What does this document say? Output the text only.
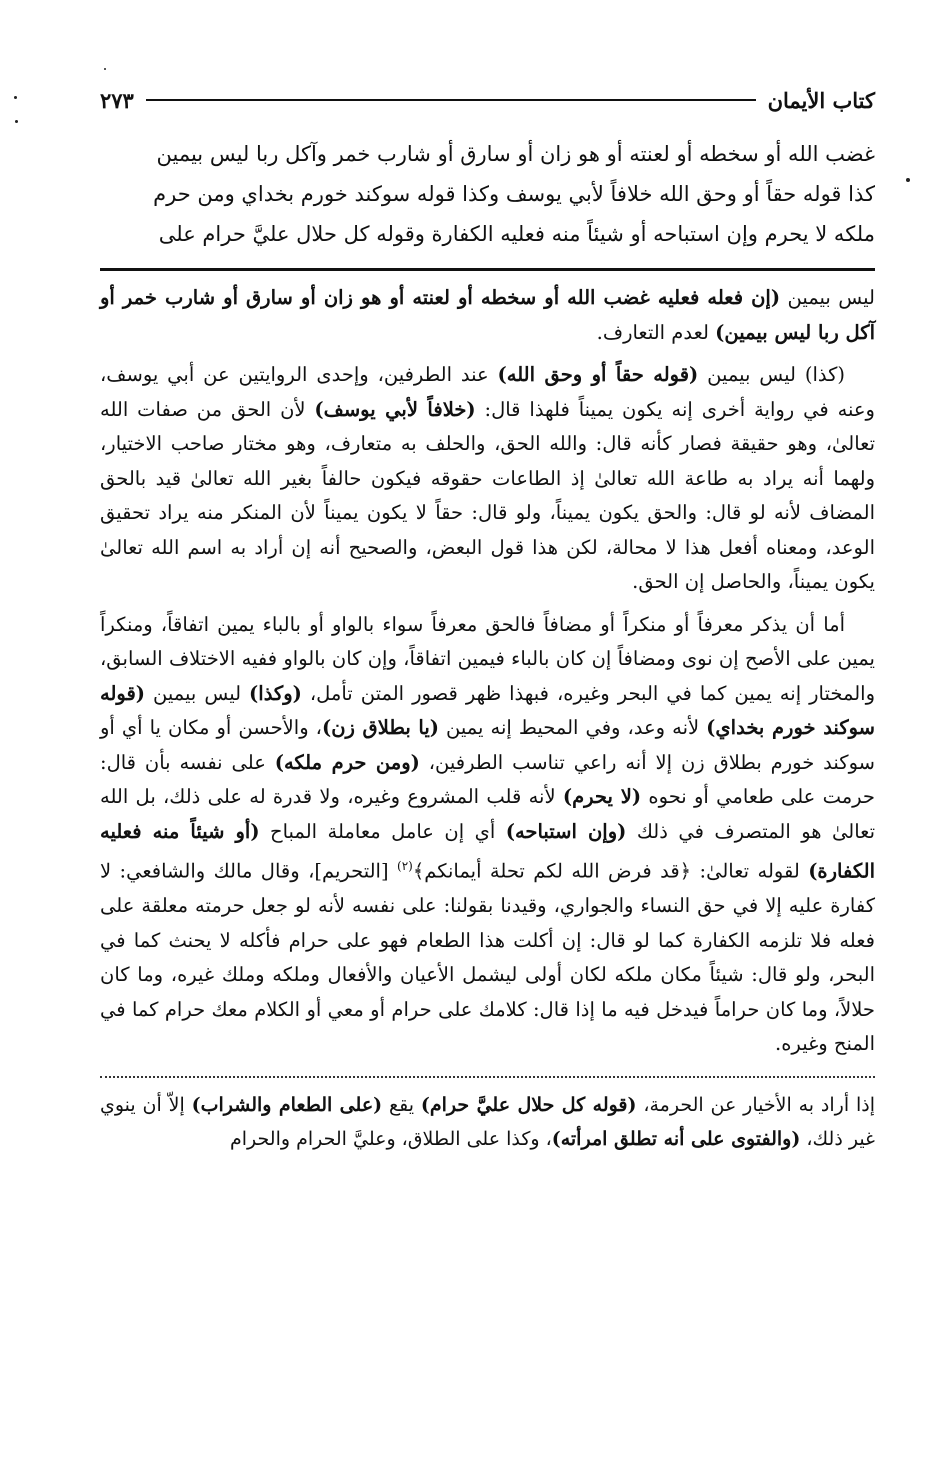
كتاب الأيمان
٢٧٣

غضب الله أو سخطه أو لعنته أو هو زان أو سارق أو شارب خمر وآكل ربا ليس بيمين

كذا قوله حقاً أو وحق الله خلافاً لأبي يوسف وكذا قوله سوكند خورم بخداي ومن حرم

ملكه لا يحرم وإن استباحه أو شيئاً منه فعليه الكفارة وقوله كل حلال عليَّ حرام على

ليس بيمين (إن فعله فعليه غضب الله أو سخطه أو لعنته أو هو زان أو سارق أو شارب خمر أو آكل ربا ليس بيمين) لعدم التعارف.

(كذا) ليس بيمين (قوله حقاً أو وحق الله) عند الطرفين، وإحدى الروايتين عن أبي يوسف، وعنه في رواية أخرى إنه يكون يميناً فلهذا قال: (خلافاً لأبي يوسف) لأن الحق من صفات الله تعالىٰ، وهو حقيقة فصار كأنه قال: والله الحق، والحلف به متعارف، وهو مختار صاحب الاختيار، ولهما أنه يراد به طاعة الله تعالىٰ إذ الطاعات حقوقه فيكون حالفاً بغير الله تعالىٰ قيد بالحق المضاف لأنه لو قال: والحق يكون يميناً، ولو قال: حقاً لا يكون يميناً لأن المنكر منه يراد تحقيق الوعد، ومعناه أفعل هذا لا محالة، لكن هذا قول البعض، والصحيح أنه إن أراد به اسم الله تعالىٰ يكون يميناً، والحاصل إن الحق.

أما أن يذكر معرفاً أو منكراً أو مضافاً فالحق معرفاً سواء بالواو أو بالباء يمين اتفاقاً، ومنكراً يمين على الأصح إن نوى ومضافاً إن كان بالباء فيمين اتفاقاً، وإن كان بالواو ففيه الاختلاف السابق، والمختار إنه يمين كما في البحر وغيره، فبهذا ظهر قصور المتن تأمل، (وكذا) ليس بيمين (قوله سوكند خورم بخداي) لأنه وعد، وفي المحيط إنه يمين (يا بطلاق زن)، والأحسن أو مكان يا أي أو سوكند خورم بطلاق زن إلا أنه راعي تناسب الطرفين، (ومن حرم ملكه) على نفسه بأن قال: حرمت على طعامي أو نحوه (لا يحرم) لأنه قلب المشروع وغيره، ولا قدرة له على ذلك، بل الله تعالىٰ هو المتصرف في ذلك (وإن استباحه) أي إن عامل معاملة المباح (أو شيئاً منه فعليه الكفارة) لقوله تعالىٰ: ﴿قد فرض الله لكم تحلة أيمانكم﴾$^{(٢)}$ [التحريم]، وقال مالك والشافعي: لا كفارة عليه إلا في حق النساء والجواري، وقيدنا بقولنا: على نفسه لأنه لو جعل حرمته معلقة على فعله فلا تلزمه الكفارة كما لو قال: إن أكلت هذا الطعام فهو على حرام فأكله لا يحنث كما في البحر، ولو قال: شيئاً مكان ملكه لكان أولى ليشمل الأعيان والأفعال وملكه وملك غيره، وما كان حلالاً، وما كان حراماً فيدخل فيه ما إذا قال: كلامك على حرام أو معي أو الكلام معك حرام كما في المنح وغيره.

إذا أراد به الأخيار عن الحرمة، (قوله كل حلال عليَّ حرام) يقع (على الطعام والشراب) إلاّ أن ينوي غير ذلك، (والفتوى على أنه تطلق امرأته)، وكذا على الطلاق، وعليَّ الحرام والحرام
